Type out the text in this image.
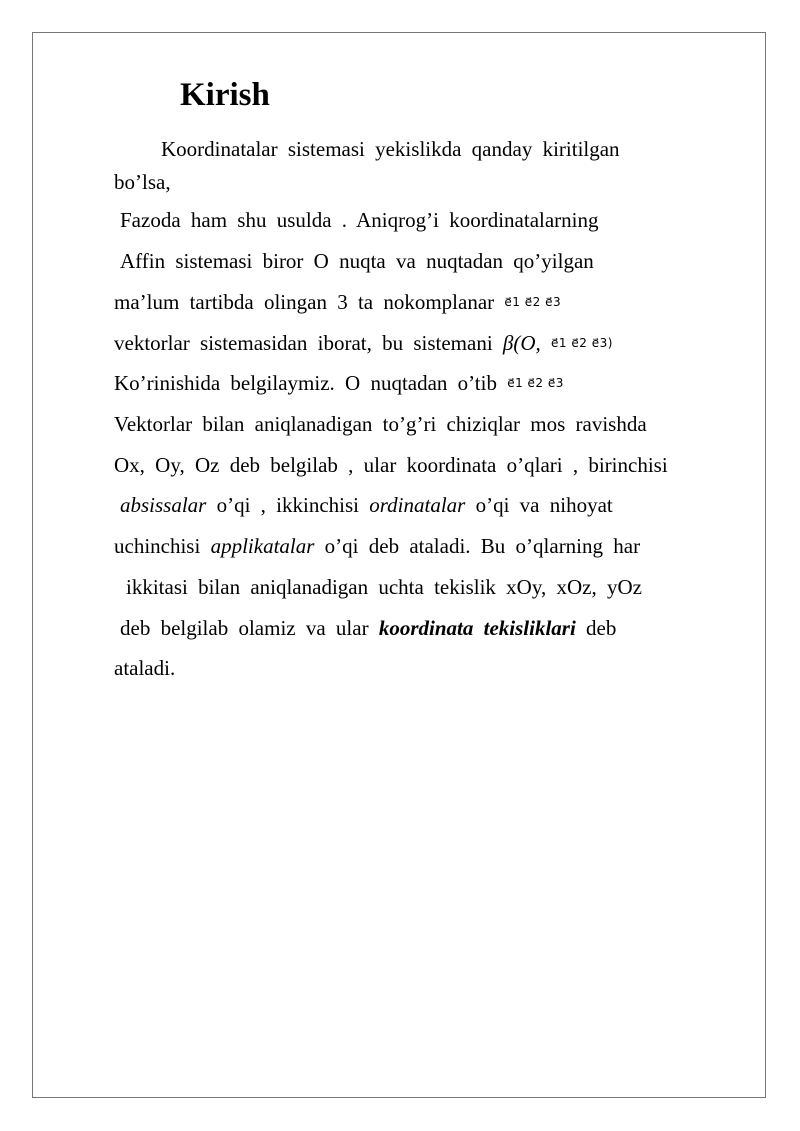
Kirish
Koordinatalar sistemasi yekislikda qanday kiritilgan
bo’lsa,
Fazoda ham shu usulda . Aniqrog’i koordinatalarning
Affin sistemasi biror O nuqta va nuqtadan qo’yilgan
ma’lum tartibda olingan 3 ta nokomplanar e⃗1 e⃗2 e⃗3
vektorlar sistemasidan iborat, bu sistemani β(O, e⃗1 e⃗2 e⃗3)
Ko’rinishida belgilaymiz. O nuqtadan o’tib e⃗1 e⃗2 e⃗3
Vektorlar bilan aniqlanadigan to’g’ri chiziqlar mos ravishda
Ox, Oy, Oz deb belgilab , ular koordinata o’qlari , birinchisi
absissalar o’qi , ikkinchisi ordinatalar o’qi va nihoyat
uchinchisi applikatalar o’qi deb ataladi. Bu o’qlarning har
ikkitasi bilan aniqlanadigan uchta tekislik xOy, xOz, yOz
deb belgilab olamiz va ular koordinata tekisliklari deb
ataladi.
